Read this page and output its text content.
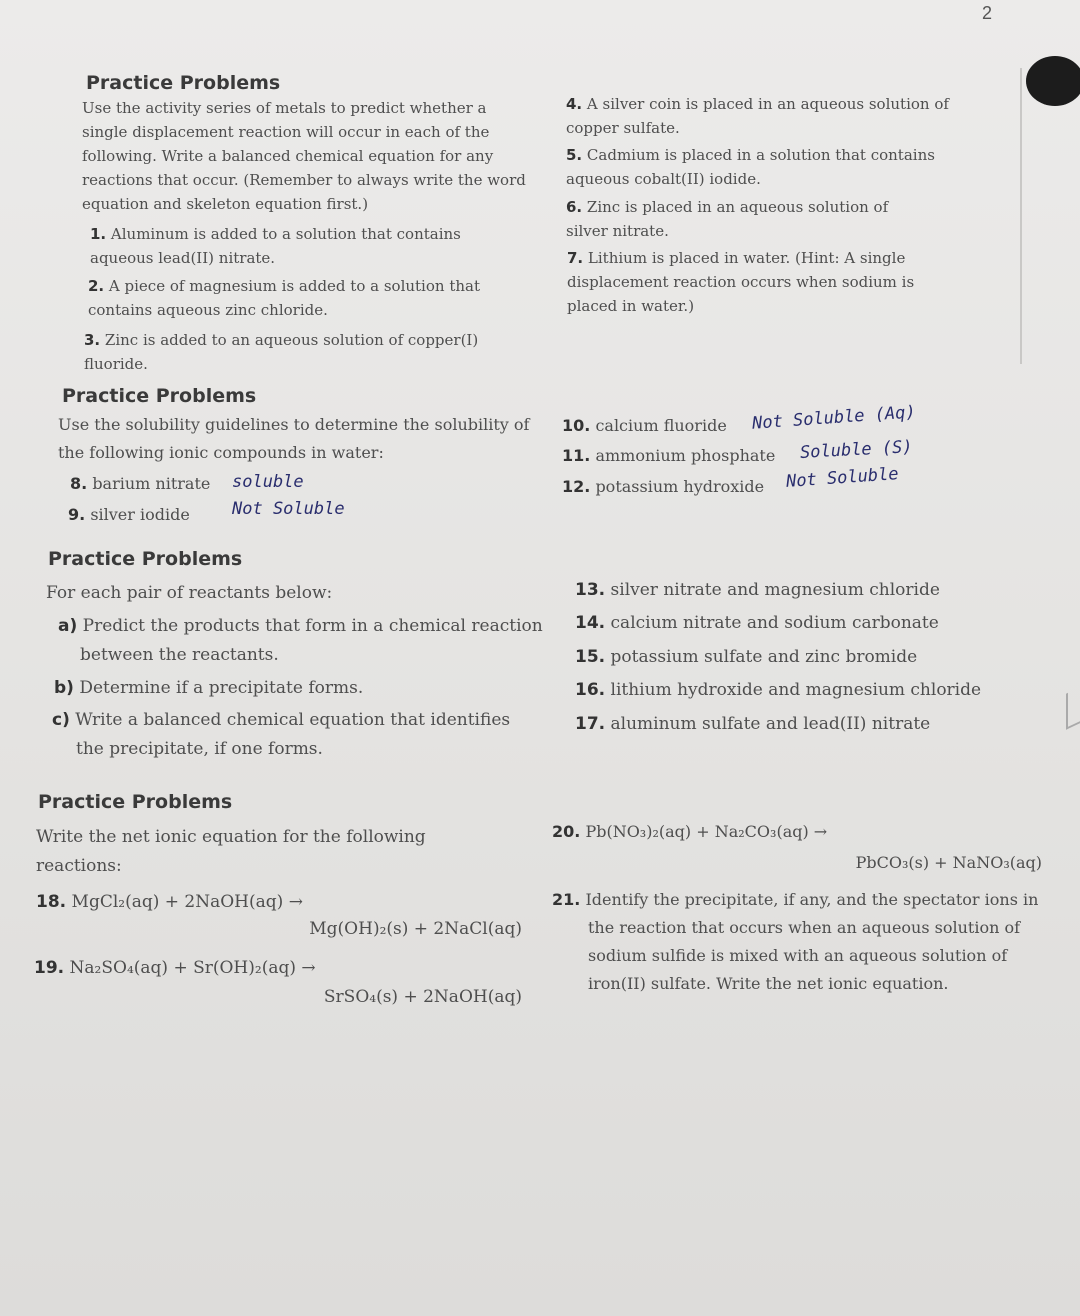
2
Practice Problems
Use the activity series of metals to predict whether a single displacement reaction will occur in each of the following. Write a balanced chemical equation for any reactions that occur. (Remember to always write the word equation and skeleton equation first.)
1. Aluminum is added to a solution that contains aqueous lead(II) nitrate.
2. A piece of magnesium is added to a solution that contains aqueous zinc chloride.
3. Zinc is added to an aqueous solution of copper(I) fluoride.
4. A silver coin is placed in an aqueous solution of copper sulfate.
5. Cadmium is placed in a solution that contains aqueous cobalt(II) iodide.
6. Zinc is placed in an aqueous solution of silver nitrate.
7. Lithium is placed in water. (Hint: A single displacement reaction occurs when sodium is placed in water.)
Practice Problems
Use the solubility guidelines to determine the solubility of the following ionic compounds in water:
8. barium nitrate	soluble
9. silver iodide	Not Soluble
10. calcium fluoride	Not Soluble (Aq)
11. ammonium phosphate	Soluble (S)
12. potassium hydroxide	Not Soluble
Practice Problems
For each pair of reactants below:
a) Predict the products that form in a chemical reaction between the reactants.
b) Determine if a precipitate forms.
c) Write a balanced chemical equation that identifies the precipitate, if one forms.
13. silver nitrate and magnesium chloride
14. calcium nitrate and sodium carbonate
15. potassium sulfate and zinc bromide
16. lithium hydroxide and magnesium chloride
17. aluminum sulfate and lead(II) nitrate
Practice Problems
Write the net ionic equation for the following reactions:
18. MgCl₂(aq) + 2NaOH(aq) →
Mg(OH)₂(s) + 2NaCl(aq)
19. Na₂SO₄(aq) + Sr(OH)₂(aq) →
SrSO₄(s) + 2NaOH(aq)
20. Pb(NO₃)₂(aq) + Na₂CO₃(aq) →
PbCO₃(s) + NaNO₃(aq)
21. Identify the precipitate, if any, and the spectator ions in the reaction that occurs when an aqueous solution of sodium sulfide is mixed with an aqueous solution of iron(II) sulfate. Write the net ionic equation.
